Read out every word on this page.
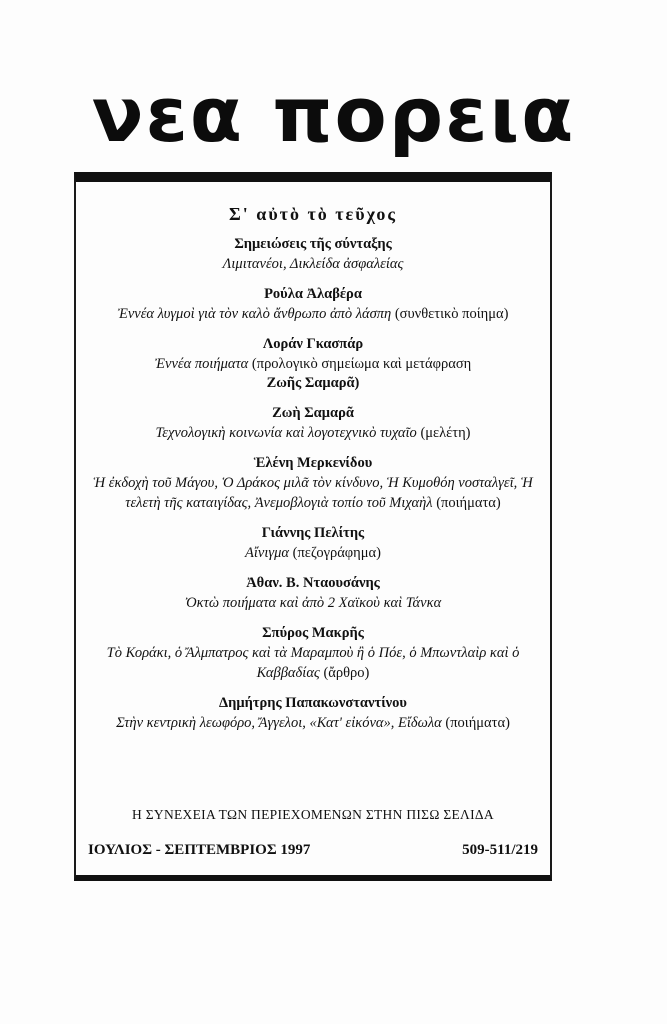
νεα πορεια
Σ' αὐτὸ τὸ τεῦχος
Σημειώσεις τῆς σύνταξης
Λιμιτανέοι, Δικλείδα ἀσφαλείας
Ρούλα Ἀλαβέρα
Ἐννέα λυγμοὶ γιὰ τὸν καλὸ ἄνθρωπο ἀπὸ λάσπη (συνθετικὸ ποίημα)
Λοράν Γκασπάρ
Ἐννέα ποιήματα (προλογικὸ σημείωμα καὶ μετάφραση
Ζωῆς Σαμαρᾶ)
Ζωὴ Σαμαρᾶ
Τεχνολογικὴ κοινωνία καὶ λογοτεχνικὸ τυχαῖο (μελέτη)
Ἑλένη Μερκενίδου
Ἡ ἐκδοχὴ τοῦ Μάγου, Ὁ Δράκος μιλᾶ τὸν κίνδυνο, Ἡ Κυμοθόη νοσταλγεῖ, Ἡ τελετὴ τῆς καταιγίδας, Ἀνεμοβλογιὰ τοπίο τοῦ Μιχαὴλ (ποιήματα)
Γιάννης Πελίτης
Αἴνιγμα (πεζογράφημα)
Ἀθαν. Β. Νταουσάνης
Ὀκτὼ ποιήματα καὶ ἀπὸ 2 Χαϊκοὺ καὶ Τάνκα
Σπύρος Μακρῆς
Τὸ Κοράκι, ὁ Ἄλμπατρος καὶ τὰ Μαραμποὺ ἢ ὁ Πόε, ὁ Μπωντλαὶρ καὶ ὁ Καββαδίας (ἄρθρο)
Δημήτρης Παπακωνσταντίνου
Στὴν κεντρικὴ λεωφόρο, Ἄγγελοι, «Κατ' εἰκόνα», Εἴδωλα (ποιήματα)
Η ΣΥΝΕΧΕΙΑ ΤΩΝ ΠΕΡΙΕΧΟΜΕΝΩΝ ΣΤΗΝ ΠΙΣΩ ΣΕΛΙΔΑ
ΙΟΥΛΙΟΣ - ΣΕΠΤΕΜΒΡΙΟΣ 1997	509-511/219
